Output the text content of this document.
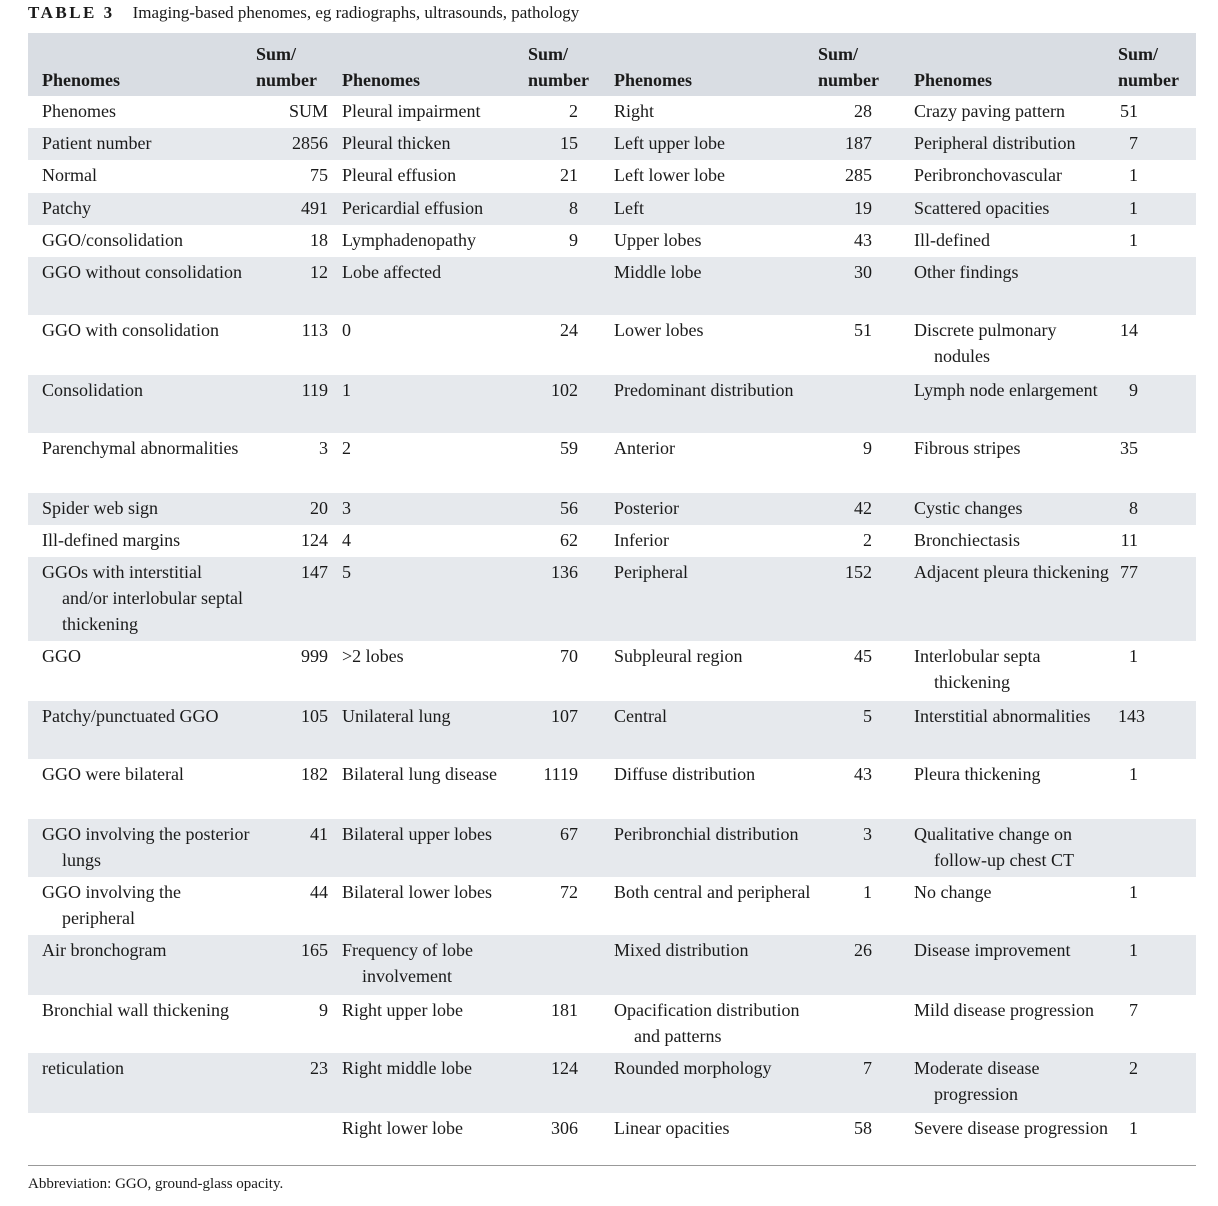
TABLE 3 Imaging-based phenomes, eg radiographs, ultrasounds, pathology
Phenomes	Sum/ number	Phenomes	Sum/ number	Phenomes	Sum/ number	Phenomes	Sum/ number
Phenomes	SUM	Pleural impairment	2	Right	28	Crazy paving pattern	51
Patient number	2856	Pleural thicken	15	Left upper lobe	187	Peripheral distribution	7
Normal	75	Pleural effusion	21	Left lower lobe	285	Peribronchovascular	1
Patchy	491	Pericardial effusion	8	Left	19	Scattered opacities	1
GGO/consolidation	18	Lymphadenopathy	9	Upper lobes	43	Ill-defined	1
GGO without consolidation	12	Lobe affected		Middle lobe	30	Other findings	
GGO with consolidation	113	0	24	Lower lobes	51	Discrete pulmonary nodules	14
Consolidation	119	1	102	Predominant distribution		Lymph node enlargement	9
Parenchymal abnormalities	3	2	59	Anterior	9	Fibrous stripes	35
Spider web sign	20	3	56	Posterior	42	Cystic changes	8
Ill-defined margins	124	4	62	Inferior	2	Bronchiectasis	11
GGOs with interstitial and/or interlobular septal thickening	147	5	136	Peripheral	152	Adjacent pleura thickening	77
GGO	999	>2 lobes	70	Subpleural region	45	Interlobular septa thickening	1
Patchy/punctuated GGO	105	Unilateral lung	107	Central	5	Interstitial abnormalities	143
GGO were bilateral	182	Bilateral lung disease	1119	Diffuse distribution	43	Pleura thickening	1
GGO involving the posterior lungs	41	Bilateral upper lobes	67	Peribronchial distribution	3	Qualitative change on follow-up chest CT	
GGO involving the peripheral	44	Bilateral lower lobes	72	Both central and peripheral	1	No change	1
Air bronchogram	165	Frequency of lobe involvement		Mixed distribution	26	Disease improvement	1
Bronchial wall thickening	9	Right upper lobe	181	Opacification distribution and patterns		Mild disease progression	7
reticulation	23	Right middle lobe	124	Rounded morphology	7	Moderate disease progression	2
		Right lower lobe	306	Linear opacities	58	Severe disease progression	1
Abbreviation: GGO, ground-glass opacity.
